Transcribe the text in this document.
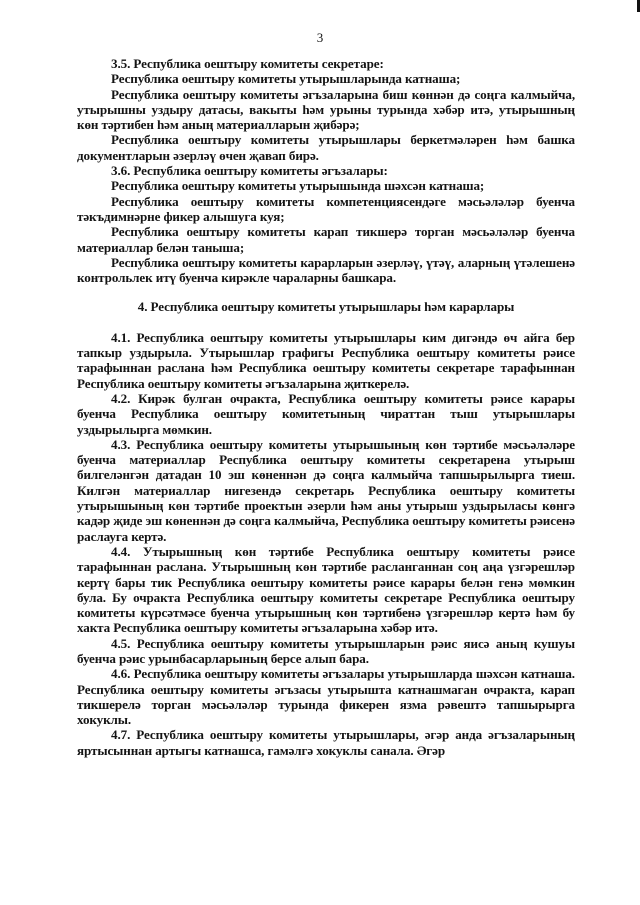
3

3.5. Республика оештыру комитеты секретаре:

Республика оештыру комитеты утырышларында катнаша;

Республика оештыру комитеты әгъзаларына биш көннән дә соңга калмыйча, утырышны уздыру датасы, вакыты һәм урыны турында хәбәр итә, утырышның көн тәртибен һәм аның материалларын җибәрә;

Республика оештыру комитеты утырышлары беркетмәләрен һәм башка документларын әзерләү өчен җавап бирә.

3.6. Республика оештыру комитеты әгъзалары:

Республика оештыру комитеты утырышында шәхсән катнаша;

Республика оештыру комитеты компетенциясендәге мәсьәләләр буенча тәкъдимнәрне фикер алышуга куя;

Республика оештыру комитеты карап тикшерә торган мәсьәләләр буенча материаллар белән таныша;

Республика оештыру комитеты карарларын әзерләү, үтәү, аларның үтәлешенә контрольлек итү буенча кирәкле чараларны башкара.

4. Республика оештыру комитеты утырышлары һәм карарлары

4.1. Республика оештыру комитеты утырышлары ким дигәндә өч айга бер тапкыр уздырыла. Утырышлар графигы Республика оештыру комитеты рәисе тарафыннан раслана һәм Республика оештыру комитеты секретаре тарафыннан Республика оештыру комитеты әгъзаларына җиткерелә.

4.2. Кирәк булган очракта, Республика оештыру комитеты рәисе карары буенча Республика оештыру комитетының чираттан тыш утырышлары уздырылырга мөмкин.

4.3. Республика оештыру комитеты утырышының көн тәртибе мәсьәләләре буенча материаллар Республика оештыру комитеты секретарена утырыш билгеләнгән датадан 10 эш көненнән дә соңга калмыйча тапшырылырга тиеш. Килгән материаллар нигезендә секретарь Республика оештыру комитеты утырышының көн тәртибе проектын әзерли һәм аны утырыш уздырыласы көнгә кадәр җиде эш көненнән дә соңга калмыйча, Республика оештыру комитеты рәисенә раслауга кертә.

4.4. Утырышның көн тәртибе Республика оештыру комитеты рәисе тарафыннан раслана. Утырышның көн тәртибе расланганнан соң аңа үзгәрешләр кертү бары тик Республика оештыру комитеты рәисе карары белән генә мөмкин була. Бу очракта Республика оештыру комитеты секретаре Республика оештыру комитеты күрсәтмәсе буенча утырышның көн тәртибенә үзгәрешләр кертә һәм бу хакта Республика оештыру комитеты әгъзаларына хәбәр итә.

4.5. Республика оештыру комитеты утырышларын рәис яисә аның кушуы буенча рәис урынбасарларының берсе алып бара.

4.6. Республика оештыру комитеты әгъзалары утырышларда шәхсән катнаша. Республика оештыру комитеты әгъзасы утырышта катнашмаган очракта, карап тикшерелә торган мәсьәләләр турында фикерен язма рәвештә тапшырырга хокуклы.

4.7. Республика оештыру комитеты утырышлары, әгәр анда әгъзаларының яртысыннан артыгы катнашса, гамәлгә хокуклы санала. Әгәр
